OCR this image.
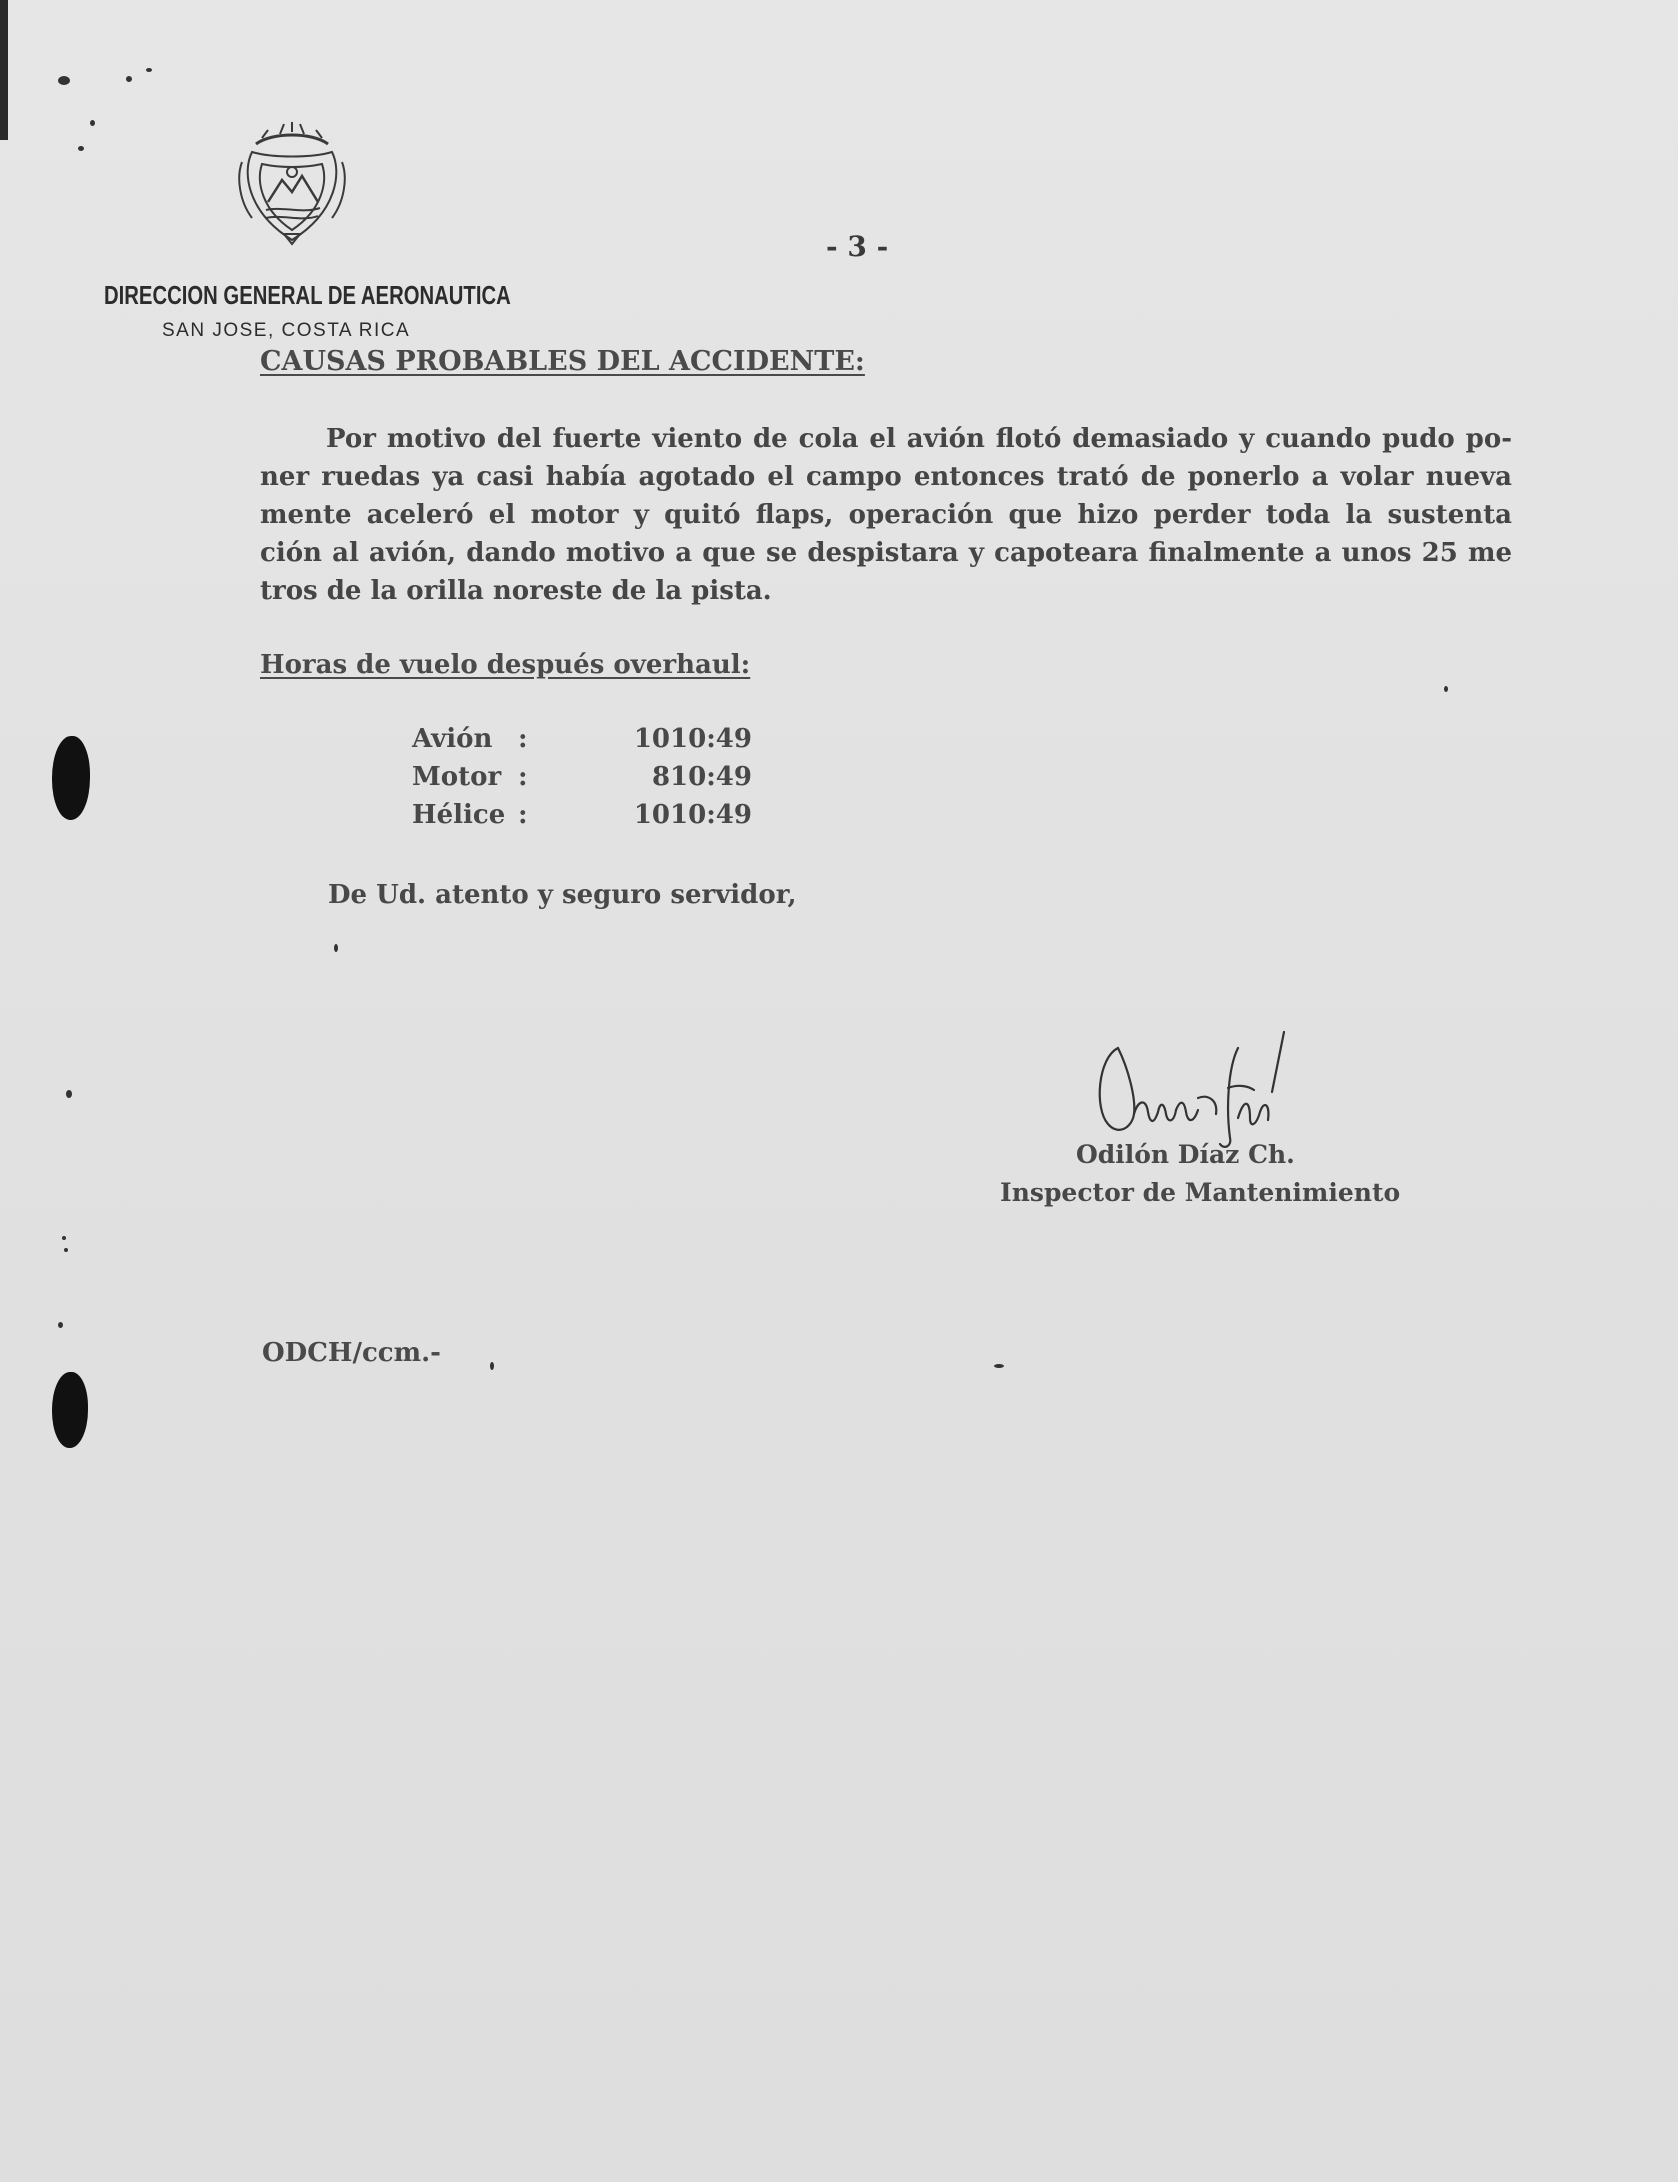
DIRECCION GENERAL DE AERONAUTICA
SAN JOSE, COSTA RICA
- 3 -
CAUSAS PROBABLES DEL ACCIDENTE:
Por motivo del fuerte viento de cola el avión flotó demasiado y cuando pudo po-
ner ruedas ya casi había agotado el campo entonces trató de ponerlo a volar nueva
mente aceleró el motor y quitó flaps, operación que hizo perder toda la sustenta
ción al avión, dando motivo a que se despistara y capoteara finalmente a unos 25 me
tros de la orilla noreste de la pista.
Horas de vuelo después overhaul:
Avión :	1010:49
Motor :	810:49
Hélice :	1010:49
De Ud. atento y seguro servidor,
Odilón Díaz Ch.
Inspector de Mantenimiento
ODCH/ccm.-
